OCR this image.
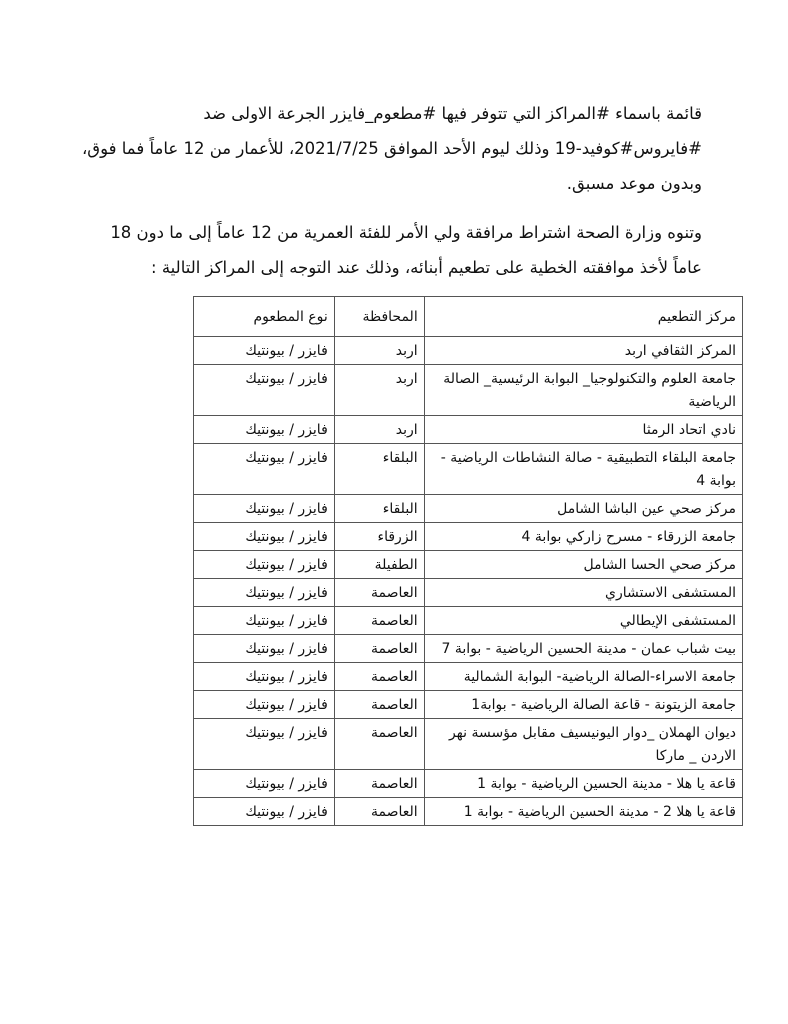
قائمة باسماء #المراكز التي تتوفر فيها #مطعوم_فايزر الجرعة الاولى ضد #فايروس#كوفيد-19 وذلك ليوم الأحد الموافق 2021/7/25، للأعمار من 12 عاماً فما فوق، وبدون موعد مسبق.

وتنوه وزارة الصحة اشتراط مرافقة ولي الأمر للفئة العمرية من 12 عاماً إلى ما دون 18 عاماً لأخذ موافقته الخطية على تطعيم أبنائه، وذلك عند التوجه إلى المراكز التالية :

مركز التطعيم	المحافظة	نوع المطعوم
المركز الثقافي اربد	اربد	فايزر / بيونتيك
جامعة العلوم والتكنولوجيا_ البوابة الرئيسية_ الصالة الرياضية	اربد	فايزر / بيونتيك
نادي اتحاد الرمثا	اربد	فايزر / بيونتيك
جامعة البلقاء التطبيقية - صالة النشاطات الرياضية - بوابة 4	البلقاء	فايزر / بيونتيك
مركز صحي عين الباشا الشامل	البلقاء	فايزر / بيونتيك
جامعة الزرقاء - مسرح زاركي بوابة 4	الزرقاء	فايزر / بيونتيك
مركز صحي الحسا الشامل	الطفيلة	فايزر / بيونتيك
المستشفى الاستشاري	العاصمة	فايزر / بيونتيك
المستشفى الإيطالي	العاصمة	فايزر / بيونتيك
بيت شباب عمان - مدينة الحسين الرياضية - بوابة 7	العاصمة	فايزر / بيونتيك
جامعة الاسراء-الصالة الرياضية- البوابة الشمالية	العاصمة	فايزر / بيونتيك
جامعة الزيتونة - قاعة الصالة الرياضية - بوابة1	العاصمة	فايزر / بيونتيك
ديوان الهملان _دوار اليونيسيف مقابل مؤسسة نهر الاردن _ ماركا	العاصمة	فايزر / بيونتيك
قاعة يا هلا - مدينة الحسين الرياضية - بوابة 1	العاصمة	فايزر / بيونتيك
قاعة يا هلا 2 - مدينة الحسين الرياضية - بوابة 1	العاصمة	فايزر / بيونتيك
